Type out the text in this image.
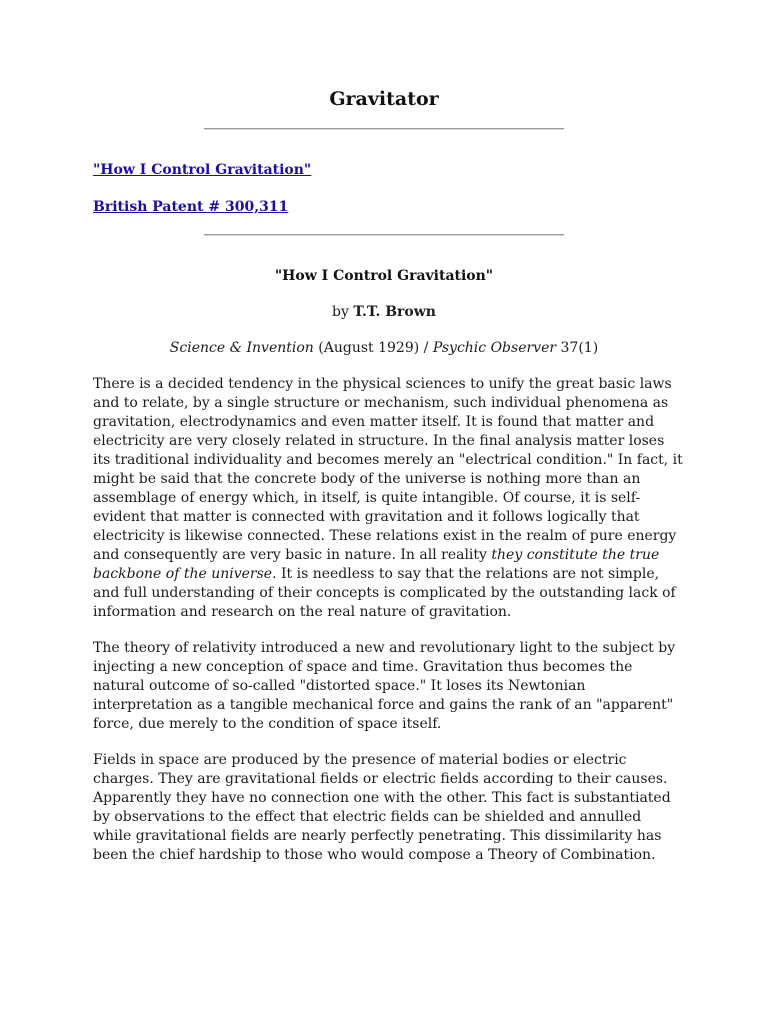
Gravitator
"How I Control Gravitation"
British Patent # 300,311
"How I Control Gravitation"
by T.T. Brown
Science & Invention (August 1929) / Psychic Observer 37(1)

There is a decided tendency in the physical sciences to unify the great basic laws and to relate, by a single structure or mechanism, such individual phenomena as gravitation, electrodynamics and even matter itself. It is found that matter and electricity are very closely related in structure. In the final analysis matter loses its traditional individuality and becomes merely an "electrical condition." In fact, it might be said that the concrete body of the universe is nothing more than an assemblage of energy which, in itself, is quite intangible. Of course, it is self-evident that matter is connected with gravitation and it follows logically that electricity is likewise connected. These relations exist in the realm of pure energy and consequently are very basic in nature. In all reality they constitute the true backbone of the universe. It is needless to say that the relations are not simple, and full understanding of their concepts is complicated by the outstanding lack of information and research on the real nature of gravitation.

The theory of relativity introduced a new and revolutionary light to the subject by injecting a new conception of space and time. Gravitation thus becomes the natural outcome of so-called "distorted space." It loses its Newtonian interpretation as a tangible mechanical force and gains the rank of an "apparent" force, due merely to the condition of space itself.

Fields in space are produced by the presence of material bodies or electric charges. They are gravitational fields or electric fields according to their causes. Apparently they have no connection one with the other. This fact is substantiated by observations to the effect that electric fields can be shielded and annulled while gravitational fields are nearly perfectly penetrating. This dissimilarity has been the chief hardship to those who would compose a Theory of Combination.
